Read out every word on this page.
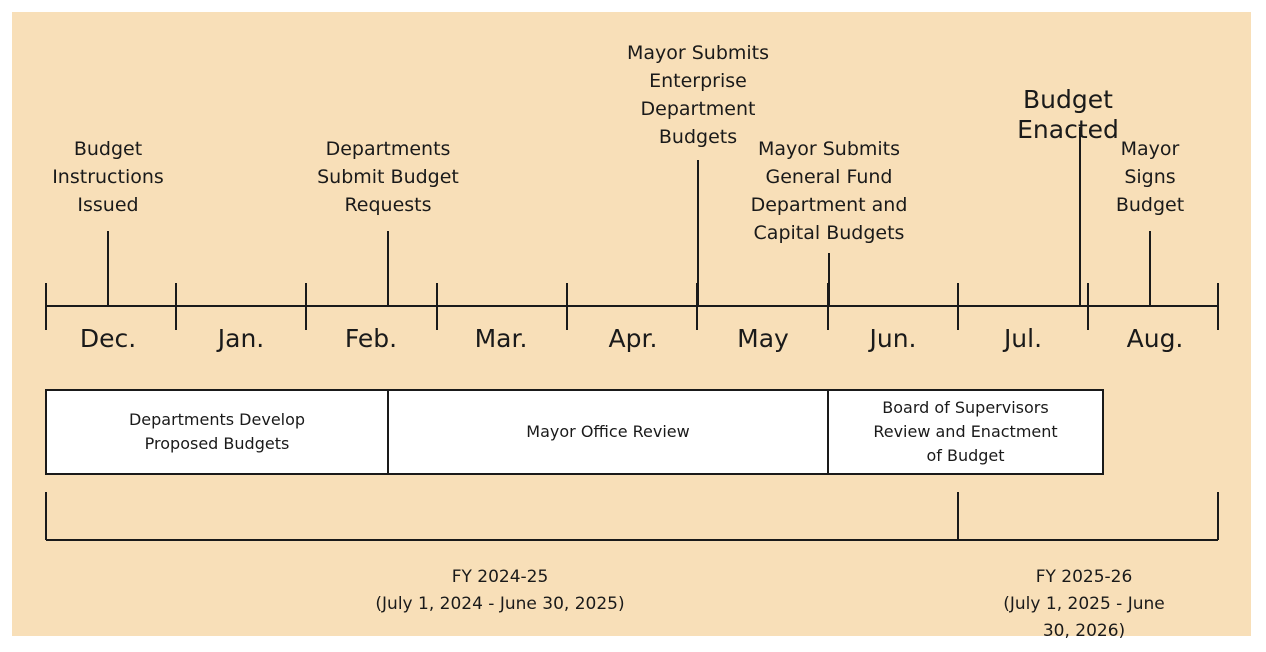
Budget
Instructions
Issued
Departments
Submit Budget
Requests
Mayor Submits
Enterprise
Department
Budgets
Mayor Submits
General Fund
Department and
Capital Budgets
Budget Enacted
Mayor
Signs
Budget
Dec.	Jan.	Feb.	Mar.	Apr.	May	Jun.	Jul.	Aug.
Departments Develop
Proposed Budgets
Mayor Office Review
Board of Supervisors
Review and Enactment
of Budget
FY 2024-25
(July 1, 2024 - June 30, 2025)
FY 2025-26
(July 1, 2025 - June 30, 2026)
